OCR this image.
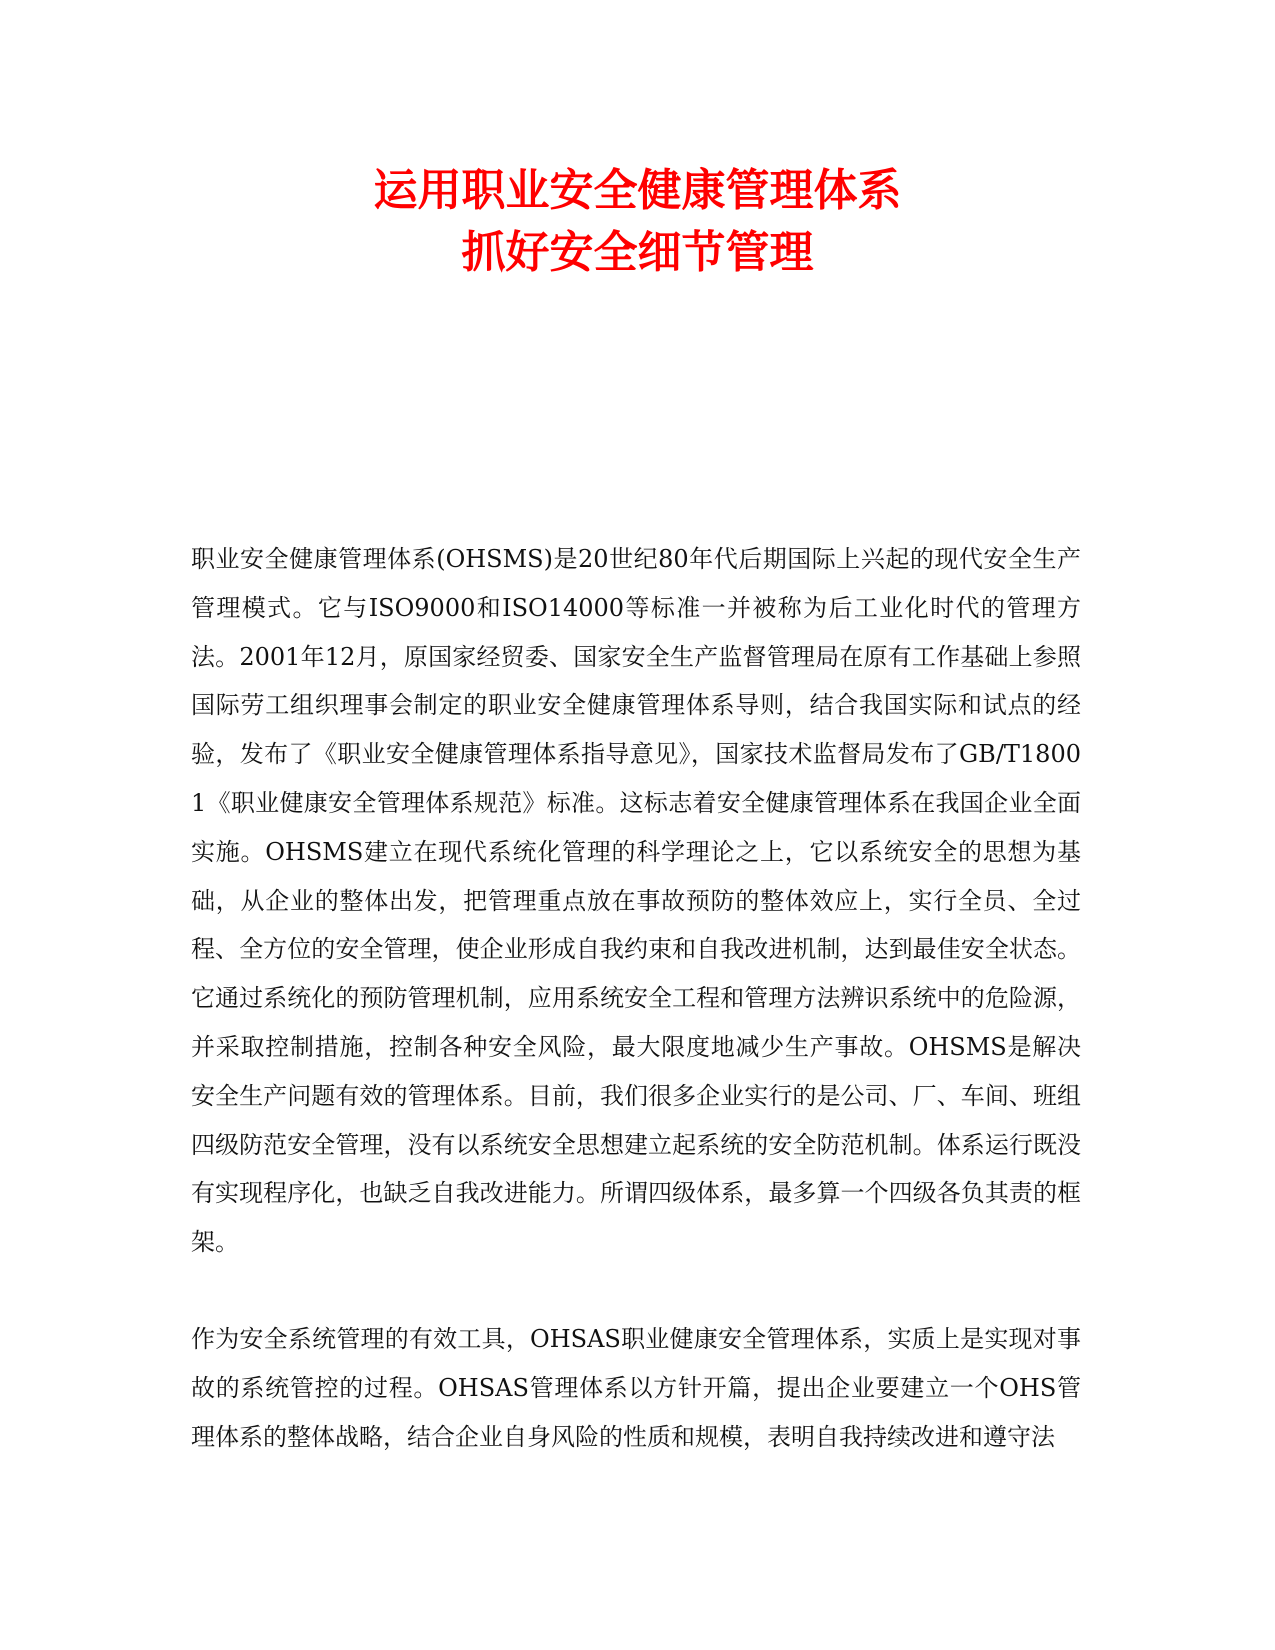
运用职业安全健康管理体系
抓好安全细节管理

职业安全健康管理体系(OHSMS)是20世纪80年代后期国际上兴起的现代安全生产管理模式。它与ISO9000和ISO14000等标准一并被称为后工业化时代的管理方法。2001年12月，原国家经贸委、国家安全生产监督管理局在原有工作基础上参照国际劳工组织理事会制定的职业安全健康管理体系导则，结合我国实际和试点的经验，发布了《职业安全健康管理体系指导意见》，国家技术监督局发布了GB/T18001《职业健康安全管理体系规范》标准。这标志着安全健康管理体系在我国企业全面实施。OHSMS建立在现代系统化管理的科学理论之上，它以系统安全的思想为基础，从企业的整体出发，把管理重点放在事故预防的整体效应上，实行全员、全过程、全方位的安全管理，使企业形成自我约束和自我改进机制，达到最佳安全状态。它通过系统化的预防管理机制，应用系统安全工程和管理方法辨识系统中的危险源，并采取控制措施，控制各种安全风险，最大限度地减少生产事故。OHSMS是解决安全生产问题有效的管理体系。目前，我们很多企业实行的是公司、厂、车间、班组四级防范安全管理，没有以系统安全思想建立起系统的安全防范机制。体系运行既没有实现程序化，也缺乏自我改进能力。所谓四级体系，最多算一个四级各负其责的框架。

作为安全系统管理的有效工具，OHSAS职业健康安全管理体系，实质上是实现对事故的系统管控的过程。OHSAS管理体系以方针开篇，提出企业要建立一个OHS管理体系的整体战略，结合企业自身风险的性质和规模，表明自我持续改进和遵守法
